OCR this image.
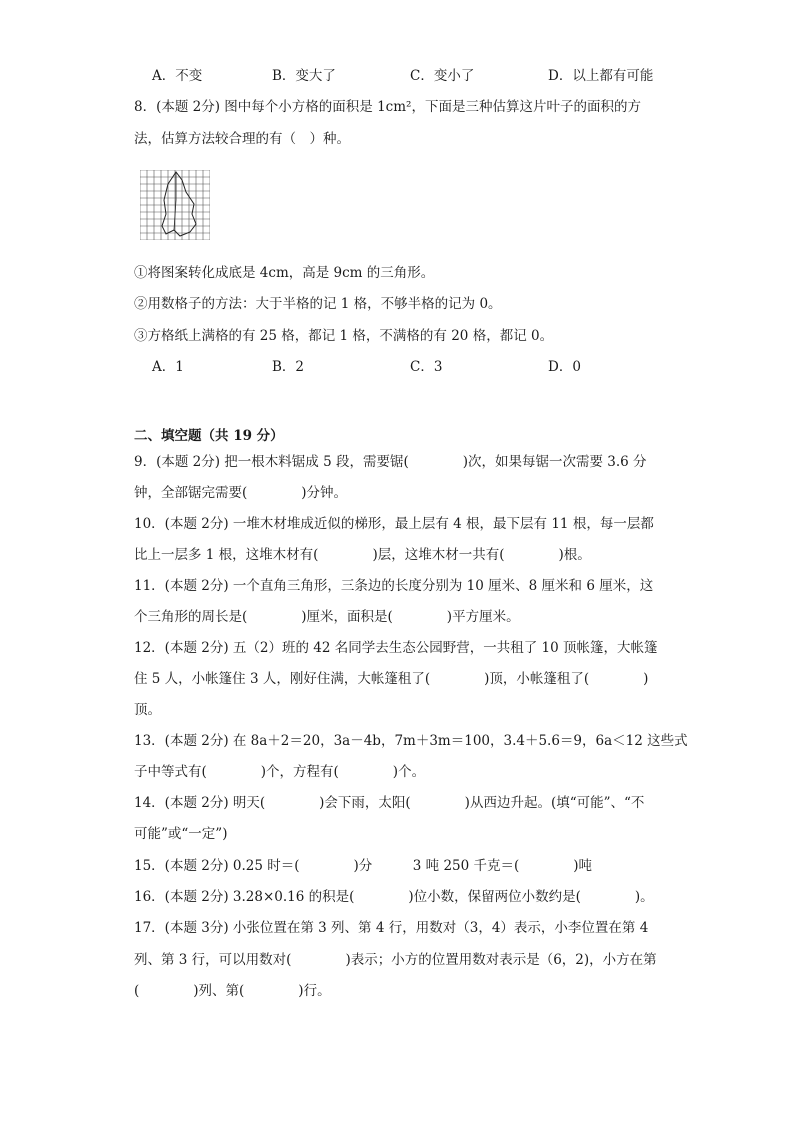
A．不变	B．变大了	C．变小了	D．以上都有可能
8．(本题 2分) 图中每个小方格的面积是 1cm²，下面是三种估算这片叶子的面积的方
法，估算方法较合理的有（　）种。
①将图案转化成底是 4cm，高是 9cm 的三角形。
②用数格子的方法：大于半格的记 1 格，不够半格的记为 0。
③方格纸上满格的有 25 格，都记 1 格，不满格的有 20 格，都记 0。
A．1	B．2	C．3	D．0
二、填空题（共 19 分）
9．(本题 2分) 把一根木料锯成 5 段，需要锯(　　　　)次，如果每锯一次需要 3.6 分
钟，全部锯完需要(　　　　)分钟。
10．(本题 2分) 一堆木材堆成近似的梯形，最上层有 4 根，最下层有 11 根，每一层都
比上一层多 1 根，这堆木材有(　　　　)层，这堆木材一共有(　　　　)根。
11．(本题 2分) 一个直角三角形，三条边的长度分别为 10 厘米、8 厘米和 6 厘米，这
个三角形的周长是(　　　　)厘米，面积是(　　　　)平方厘米。
12．(本题 2分) 五（2）班的 42 名同学去生态公园野营，一共租了 10 顶帐篷，大帐篷
住 5 人，小帐篷住 3 人，刚好住满，大帐篷租了(　　　　)顶，小帐篷租了(　　　　)
顶。
13．(本题 2分) 在 8a＋2＝20，3a－4b，7m＋3m＝100，3.4＋5.6＝9，6a＜12 这些式
子中等式有(　　　　)个，方程有(　　　　)个。
14．(本题 2分) 明天(　　　　)会下雨，太阳(　　　　)从西边升起。(填“可能”、“不
可能”或“一定”)
15．(本题 2分) 0.25 时＝(　　　　)分　　　3 吨 250 千克＝(　　　　)吨
16．(本题 2分) 3.28×0.16 的积是(　　　　)位小数，保留两位小数约是(　　　　)。
17．(本题 3分) 小张位置在第 3 列、第 4 行，用数对（3，4）表示，小李位置在第 4
列、第 3 行，可以用数对(　　　　)表示；小方的位置用数对表示是（6，2)，小方在第
(　　　　)列、第(　　　　)行。
